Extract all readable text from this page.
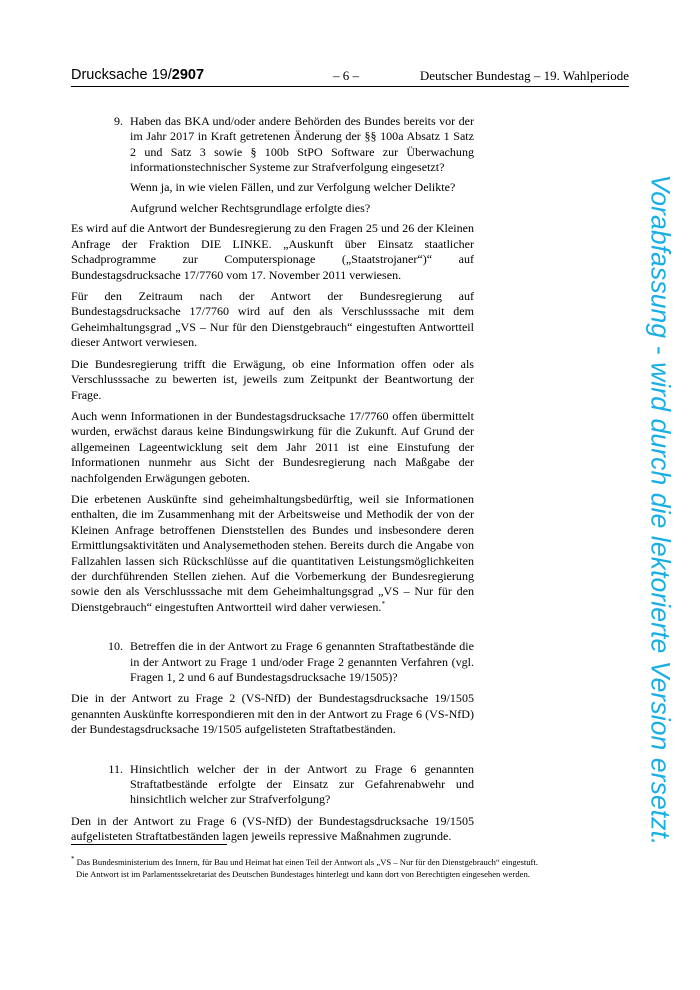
Drucksache 19/2907	– 6 –	Deutscher Bundestag – 19. Wahlperiode
9. Haben das BKA und/oder andere Behörden des Bundes bereits vor der im Jahr 2017 in Kraft getretenen Änderung der §§ 100a Absatz 1 Satz 2 und Satz 3 sowie § 100b StPO Software zur Überwachung informationstechnischer Systeme zur Strafverfolgung eingesetzt?

Wenn ja, in wie vielen Fällen, und zur Verfolgung welcher Delikte?

Aufgrund welcher Rechtsgrundlage erfolgte dies?

Es wird auf die Antwort der Bundesregierung zu den Fragen 25 und 26 der Kleinen Anfrage der Fraktion DIE LINKE. „Auskunft über Einsatz staatlicher Schadprogramme zur Computerspionage („Staatstrojaner“)“ auf Bundestagsdrucksache 17/7760 vom 17. November 2011 verwiesen.

Für den Zeitraum nach der Antwort der Bundesregierung auf Bundestagsdrucksache 17/7760 wird auf den als Verschlusssache mit dem Geheimhaltungsgrad „VS – Nur für den Dienstgebrauch“ eingestuften Antwortteil dieser Antwort verwiesen.

Die Bundesregierung trifft die Erwägung, ob eine Information offen oder als Verschlusssache zu bewerten ist, jeweils zum Zeitpunkt der Beantwortung der Frage.

Auch wenn Informationen in der Bundestagsdrucksache 17/7760 offen übermittelt wurden, erwächst daraus keine Bindungswirkung für die Zukunft. Auf Grund der allgemeinen Lageentwicklung seit dem Jahr 2011 ist eine Einstufung der Informationen nunmehr aus Sicht der Bundesregierung nach Maßgabe der nachfolgenden Erwägungen geboten.

Die erbetenen Auskünfte sind geheimhaltungsbedürftig, weil sie Informationen enthalten, die im Zusammenhang mit der Arbeitsweise und Methodik der von der Kleinen Anfrage betroffenen Dienststellen des Bundes und insbesondere deren Ermittlungsaktivitäten und Analysemethoden stehen. Bereits durch die Angabe von Fallzahlen lassen sich Rückschlüsse auf die quantitativen Leistungsmöglichkeiten der durchführenden Stellen ziehen. Auf die Vorbemerkung der Bundesregierung sowie den als Verschlusssache mit dem Geheimhaltungsgrad „VS – Nur für den Dienstgebrauch“ eingestuften Antwortteil wird daher verwiesen.*

10. Betreffen die in der Antwort zu Frage 6 genannten Straftatbestände die in der Antwort zu Frage 1 und/oder Frage 2 genannten Verfahren (vgl. Fragen 1, 2 und 6 auf Bundestagsdrucksache 19/1505)?

Die in der Antwort zu Frage 2 (VS-NfD) der Bundestagsdrucksache 19/1505 genannten Auskünfte korrespondieren mit den in der Antwort zu Frage 6 (VS-NfD) der Bundestagsdrucksache 19/1505 aufgelisteten Straftatbeständen.

11. Hinsichtlich welcher der in der Antwort zu Frage 6 genannten Straftatbestände erfolgte der Einsatz zur Gefahrenabwehr und hinsichtlich welcher zur Strafverfolgung?

Den in der Antwort zu Frage 6 (VS-NfD) der Bundestagsdrucksache 19/1505 aufgelisteten Straftatbeständen lagen jeweils repressive Maßnahmen zugrunde.

* Das Bundesministerium des Innern, für Bau und Heimat hat einen Teil der Antwort als „VS – Nur für den Dienstgebrauch“ eingestuft.
Die Antwort ist im Parlamentssekretariat des Deutschen Bundestages hinterlegt und kann dort von Berechtigten eingesehen werden.
Vorabfassung - wird durch die lektorierte Version ersetzt.
